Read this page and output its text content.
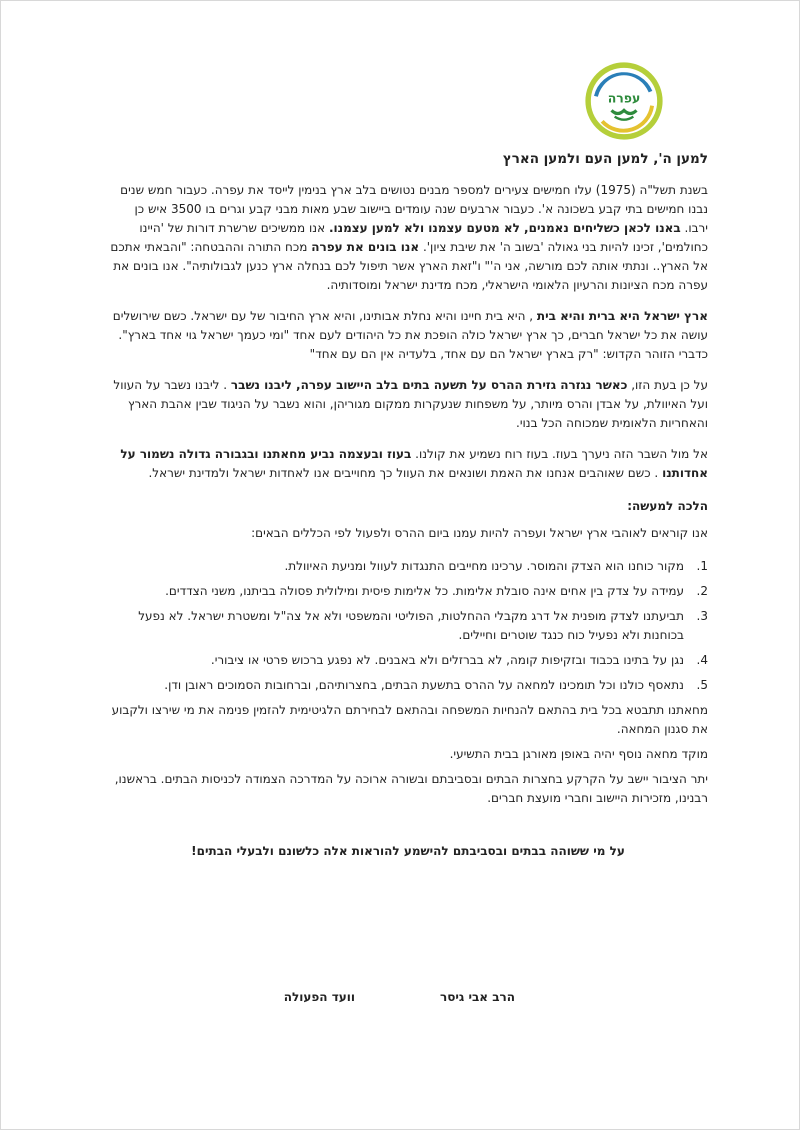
עפרה
למען ה', למען העם ולמען הארץ

בשנת תשל"ה (1975) עלו חמישים צעירים למספר מבנים נטושים בלב ארץ בנימין לייסד את עפרה. כעבור חמש שנים נבנו חמישים בתי קבע בשכונה א'. כעבור ארבעים שנה עומדים ביישוב שבע מאות מבני קבע וגרים בו 3500 איש כן ירבו. באנו לכאן כשליחים נאמנים, לא מטעם עצמנו ולא למען עצמנו. אנו ממשיכים שרשרת דורות של 'היינו כחולמים', זכינו להיות בני גאולה 'בשוב ה' את שיבת ציון'. אנו בונים את עפרה מכח התורה וההבטחה: "והבאתי אתכם אל הארץ.. ונתתי אותה לכם מורשה, אני ה'" ו"זאת הארץ אשר תיפול לכם בנחלה ארץ כנען לגבולותיה". אנו בונים את עפרה מכח הציונות והרעיון הלאומי הישראלי, מכח מדינת ישראל ומוסדותיה.

ארץ ישראל היא ברית והיא בית , היא בית חיינו והיא נחלת אבותינו, והיא ארץ החיבור של עם ישראל. כשם שירושלים עושה את כל ישראל חברים, כך ארץ ישראל כולה הופכת את כל היהודים לעם אחד "ומי כעמך ישראל גוי אחד בארץ". כדברי הזוהר הקדוש: "רק בארץ ישראל הם עם אחד, בלעדיה אין הם עם אחד"

על כן בעת הזו, כאשר נגזרה גזירת ההרס על תשעה בתים בלב היישוב עפרה, ליבנו נשבר . ליבנו נשבר על העוול ועל האיוולת, על אבדן והרס מיותר, על משפחות שנעקרות ממקום מגוריהן, והוא נשבר על הניגוד שבין אהבת הארץ והאחריות הלאומית שמכוחה הכל בנוי.

אל מול השבר הזה ניערך בעוז. בעוז רוח נשמיע את קולנו. בעוז ובעצמה נביע מחאתנו ובגבורה גדולה נשמור על אחדותנו . כשם שאוהבים אנחנו את האמת ושונאים את העוול כך מחוייבים אנו לאחדות ישראל ולמדינת ישראל.

הלכה למעשה:
אנו קוראים לאוהבי ארץ ישראל ועפרה להיות עמנו ביום ההרס ולפעול לפי הכללים הבאים:
1.
מקור כוחנו הוא הצדק והמוסר. ערכינו מחייבים התנגדות לעוול ומניעת האיוולת.
2.
עמידה על צדק בין אחים אינה סובלת אלימות. כל אלימות פיסית ומילולית פסולה בביתנו, משני הצדדים.
3.
תביעתנו לצדק מופנית אל דרג מקבלי ההחלטות, הפוליטי והמשפטי ולא אל צה"ל ומשטרת ישראל. לא נפעל בכוחנות ולא נפעיל כוח כנגד שוטרים וחיילים.
4.
נגן על בתינו בכבוד ובזקיפות קומה, לא בברזלים ולא באבנים. לא נפגע ברכוש פרטי או ציבורי.
5.
נתאסף כולנו וכל תומכינו למחאה על ההרס בתשעת הבתים, בחצרותיהם, וברחובות הסמוכים ראובן ודן.
מחאתנו תתבטא בכל בית בהתאם להנחיות המשפחה ובהתאם לבחירתם הלגיטימית להזמין פנימה את מי שירצו ולקבוע את סגנון המחאה.
מוקד מחאה נוסף יהיה באופן מאורגן בבית התשיעי.
יתר הציבור יישב על הקרקע בחצרות הבתים ובסביבתם ובשורה ארוכה על המדרכה הצמודה לכניסות הבתים. בראשנו, רבנינו, מזכירות היישוב וחברי מועצת חברים.
על מי ששוהה בבתים ובסביבתם להישמע להוראות אלה כלשונם ולבעלי הבתים!
הרב אבי גיסר
וועד הפעולה
